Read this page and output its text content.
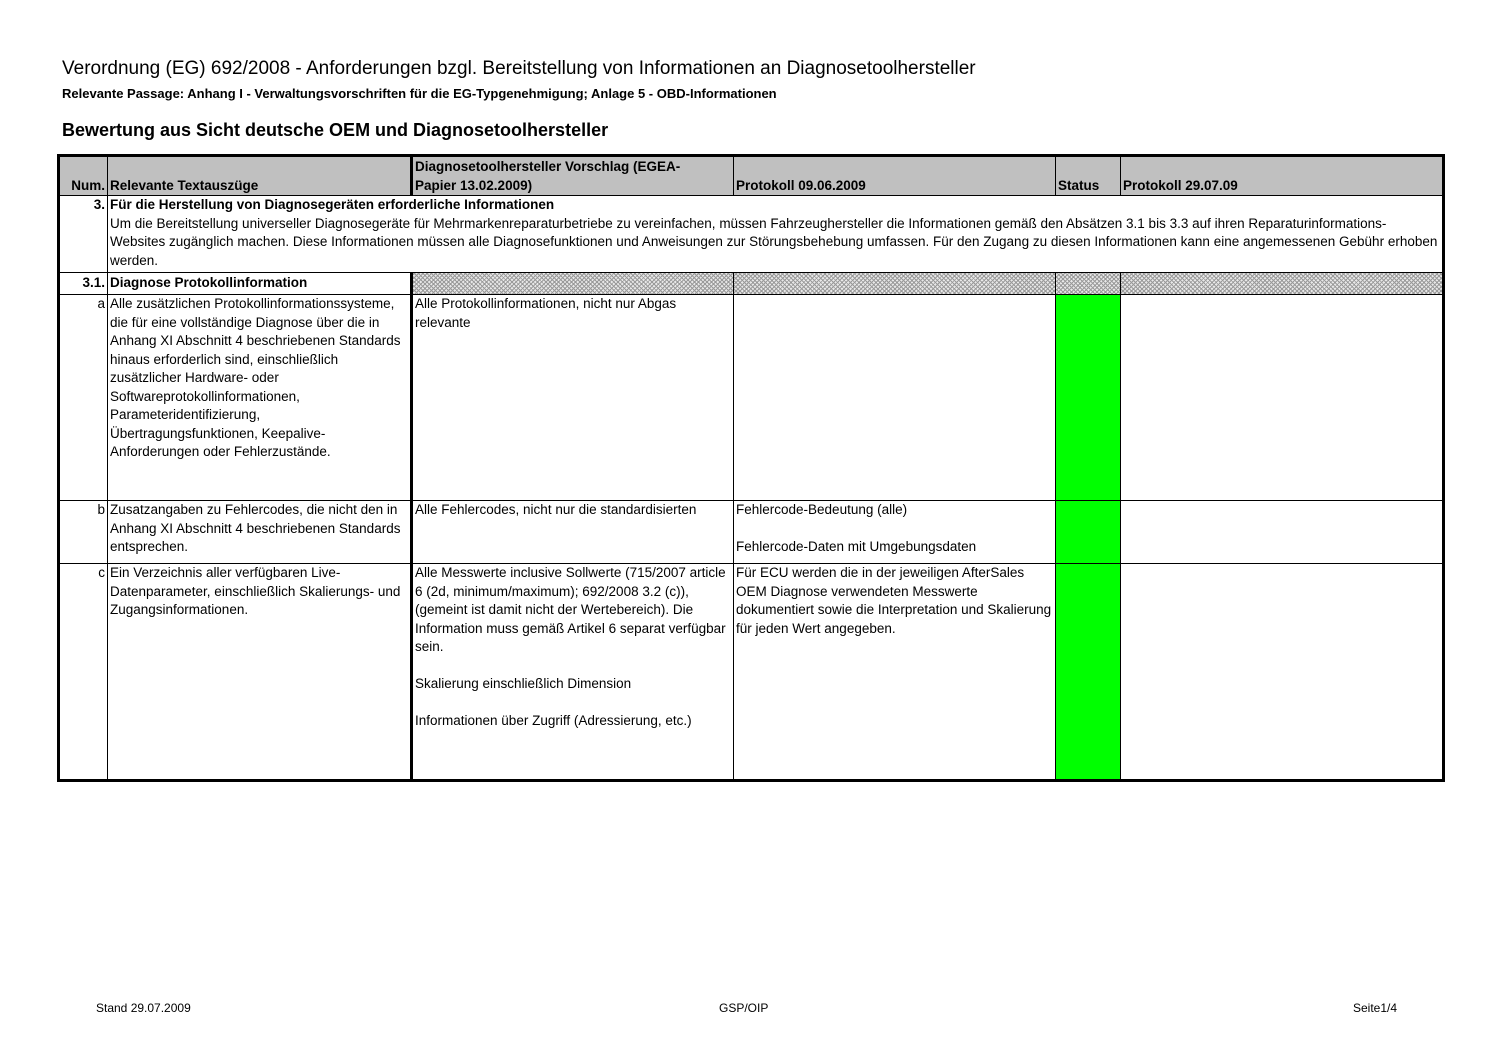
Verordnung (EG) 692/2008 - Anforderungen bzgl. Bereitstellung von Informationen an Diagnosetoolhersteller
Relevante Passage: Anhang I - Verwaltungsvorschriften für die EG-Typgenehmigung; Anlage 5 - OBD-Informationen
Bewertung aus Sicht deutsche OEM und Diagnosetoolhersteller
Num.	Relevante Textauszüge	Diagnosetoolhersteller Vorschlag (EGEA-
Papier 13.02.2009)	Protokoll 09.06.2009	Status	Protokoll 29.07.09
3.	Für die Herstellung von Diagnosegeräten erforderliche Informationen
Um die Bereitstellung universeller Diagnosegeräte für Mehrmarkenreparaturbetriebe zu vereinfachen, müssen Fahrzeughersteller die Informationen gemäß den Absätzen 3.1 bis 3.3 auf ihren Reparaturinformations-Websites zugänglich machen. Diese Informationen müssen alle Diagnosefunktionen und Anweisungen zur Störungsbehebung umfassen. Für den Zugang zu diesen Informationen kann eine angemessenen Gebühr erhoben werden.				

3.1.	Diagnose Protokollinformation				
a	Alle zusätzlichen Protokollinformationssysteme, die für eine vollständige Diagnose über die in Anhang XI Abschnitt 4 beschriebenen Standards hinaus erforderlich sind, einschließlich zusätzlicher Hardware- oder Softwareprotokollinformationen, Parameteridentifizierung, Übertragungsfunktionen, Keepalive-Anforderungen oder Fehlerzustände.	Alle Protokollinformationen, nicht nur Abgas relevante			
b	Zusatzangaben zu Fehlercodes, die nicht den in Anhang XI Abschnitt 4 beschriebenen Standards entsprechen.	Alle Fehlercodes, nicht nur die standardisierten	Fehlercode-Bedeutung (alle)
Fehlercode-Daten mit Umgebungsdaten		

c	Ein Verzeichnis aller verfügbaren Live-Datenparameter, einschließlich Skalierungs- und Zugangsinformationen.	Alle Messwerte inclusive Sollwerte (715/2007 article 6 (2d, minimum/maximum); 692/2008 3.2 (c)), (gemeint ist damit nicht der Wertebereich). Die Information muss gemäß Artikel 6 separat verfügbar sein.
Skalierung einschließlich Dimension
Informationen über Zugriff (Adressierung, etc.)	Für ECU werden die in der jeweiligen AfterSales OEM Diagnose verwendeten Messwerte dokumentiert sowie die Interpretation und Skalierung für jeden Wert angegeben.		
Stand 29.07.2009	GSP/OIP	Seite1/4
